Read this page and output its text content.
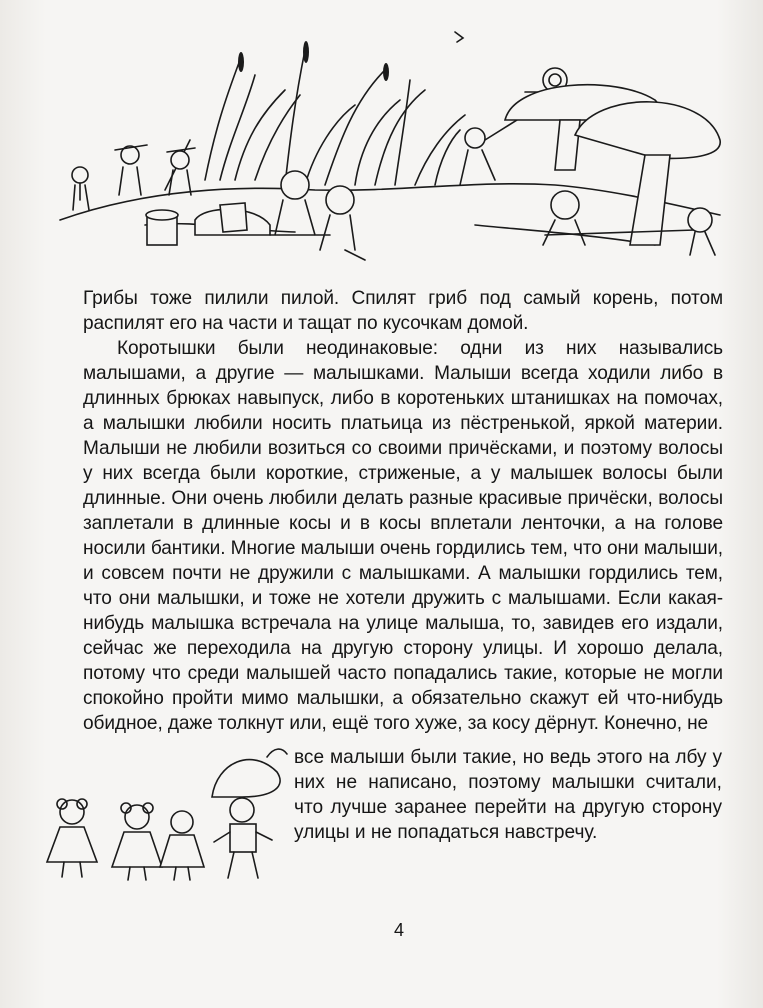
Грибы тоже пилили пилой. Спилят гриб под самый корень, потом распилят его на части и тащат по кусочкам домой.

Коротышки были неодинаковые: одни из них назывались малышами, а другие — малышками. Малыши всегда ходили либо в длинных брюках навыпуск, либо в коротеньких штанишках на помочах, а малышки любили носить платьица из пёстренькой, яркой материи. Малыши не любили возиться со своими причёсками, и поэтому волосы у них всегда были короткие, стриженые, а у малышек волосы были длинные. Они очень любили делать разные красивые причёски, волосы заплетали в длинные косы и в косы вплетали ленточки, а на голове носили бантики. Многие малыши очень гордились тем, что они малыши, и совсем почти не дружили с малышками. А малышки гордились тем, что они малышки, и тоже не хотели дружить с малышами. Если какая-нибудь малышка встречала на улице малыша, то, завидев его издали, сейчас же переходила на другую сторону улицы. И хорошо делала, потому что среди малышей часто попадались такие, которые не могли спокойно пройти мимо малышки, а обязательно скажут ей что-нибудь обидное, даже толкнут или, ещё того хуже, за косу дёрнут. Конечно, не

все малыши были такие, но ведь этого на лбу у них не написано, поэтому малышки считали, что лучше заранее перейти на другую сторону улицы и не попадаться навстречу.
4
